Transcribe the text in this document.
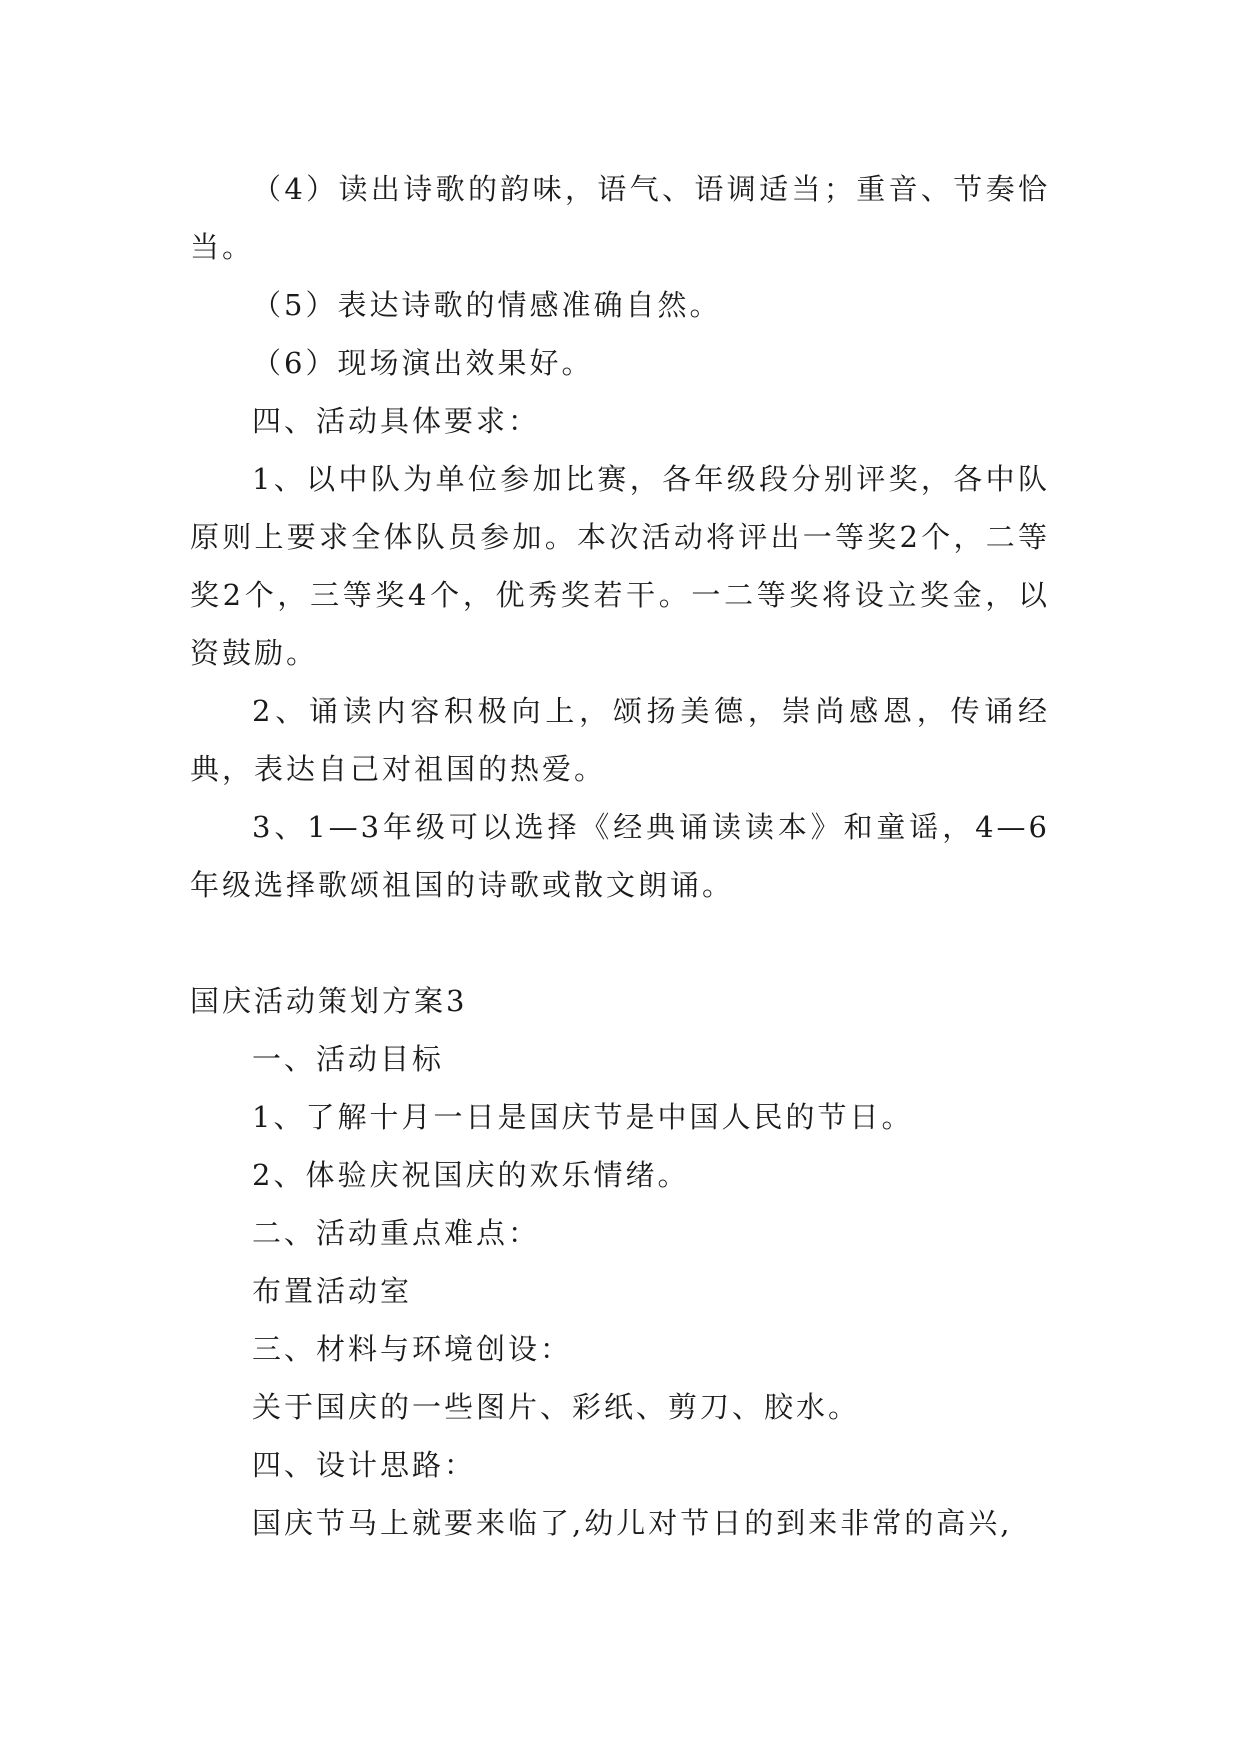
（4）读出诗歌的韵味，语气、语调适当；重音、节奏恰当。

（5）表达诗歌的情感准确自然。

（6）现场演出效果好。

四、活动具体要求：

1、以中队为单位参加比赛，各年级段分别评奖，各中队原则上要求全体队员参加。本次活动将评出一等奖2个，二等奖2个，三等奖4个，优秀奖若干。一二等奖将设立奖金，以资鼓励。

2、诵读内容积极向上，颂扬美德，崇尚感恩，传诵经典，表达自己对祖国的热爱。

3、1—3年级可以选择《经典诵读读本》和童谣，4—6年级选择歌颂祖国的诗歌或散文朗诵。

国庆活动策划方案3

一、活动目标

1、了解十月一日是国庆节是中国人民的节日。

2、体验庆祝国庆的欢乐情绪。

二、活动重点难点：

布置活动室

三、材料与环境创设：

关于国庆的一些图片、彩纸、剪刀、胶水。

四、设计思路：

国庆节马上就要来临了,幼儿对节日的到来非常的高兴,
